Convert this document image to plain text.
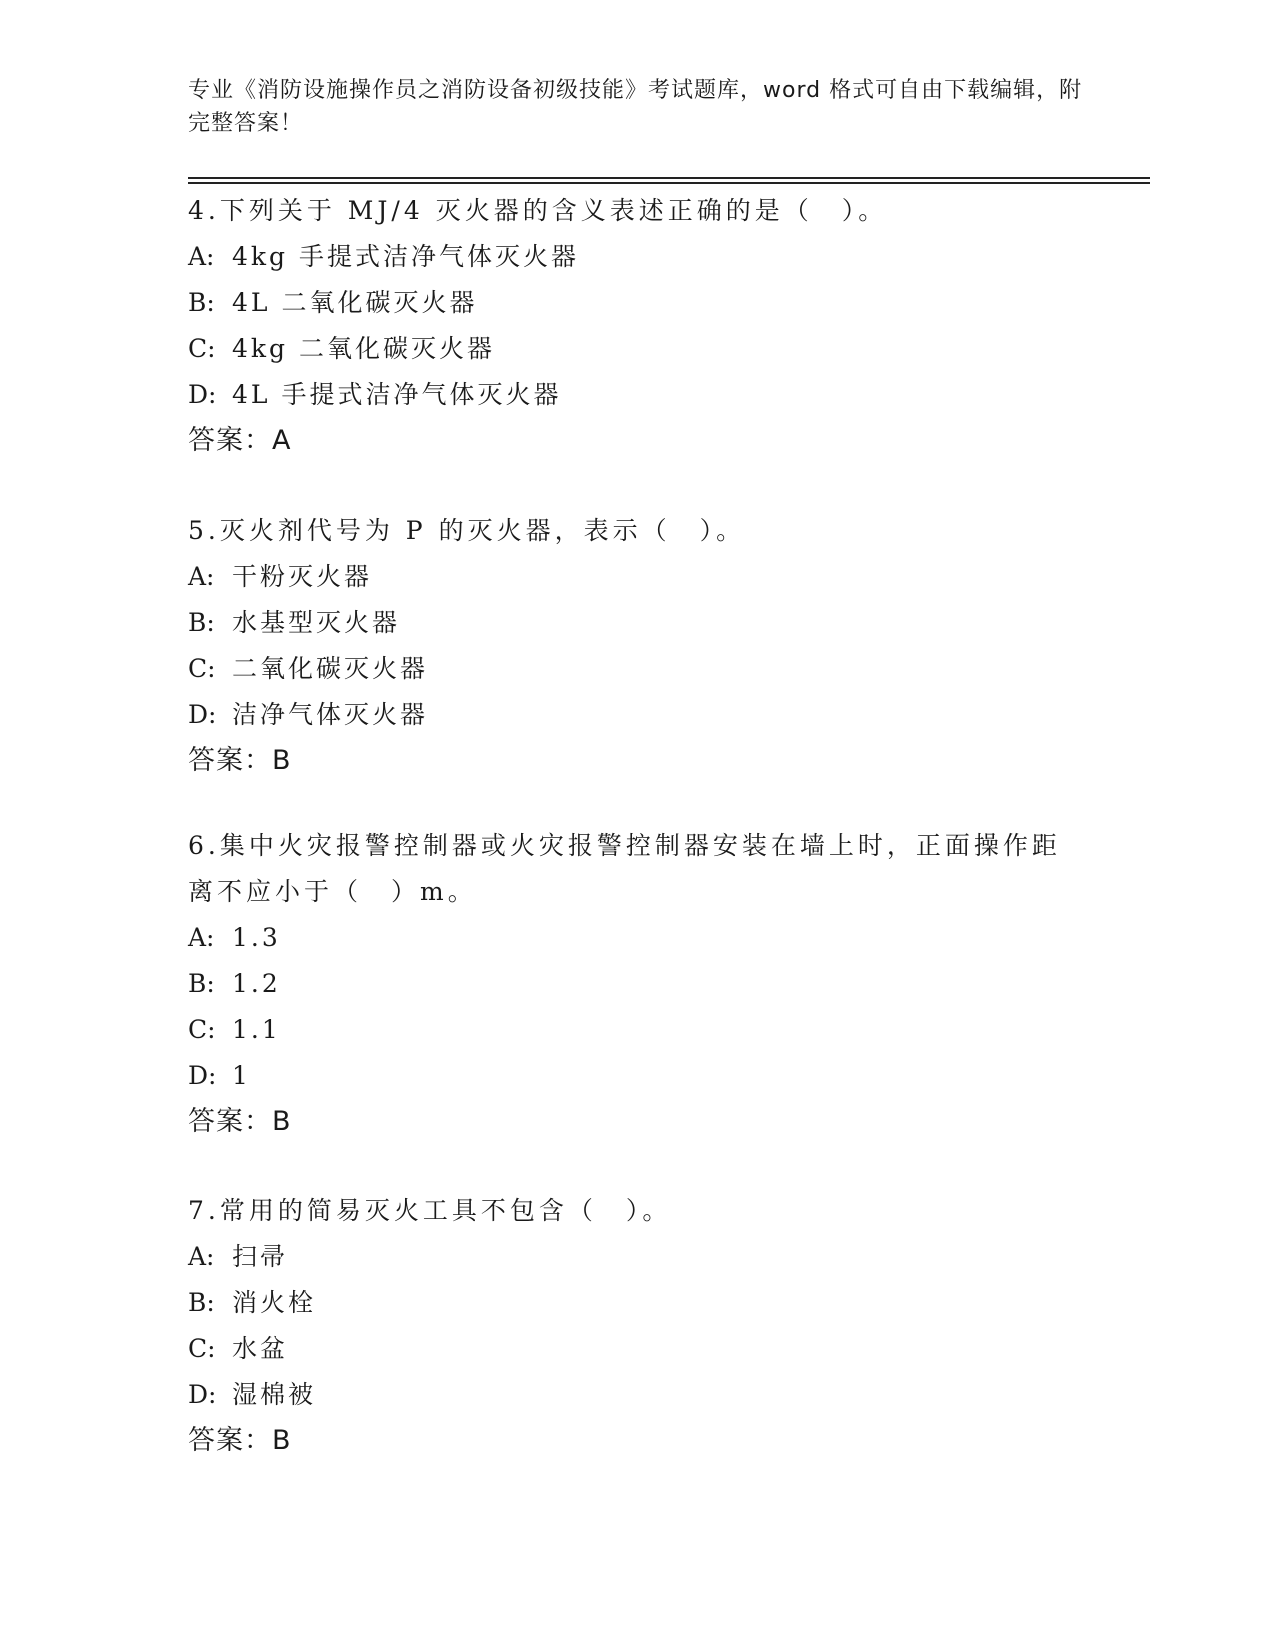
专业《消防设施操作员之消防设备初级技能》考试题库，word 格式可自由下载编辑，附完整答案！

4.下列关于 MJ/4 灭火器的含义表述正确的是（　）。

A: 4kg 手提式洁净气体灭火器

B: 4L 二氧化碳灭火器

C: 4kg 二氧化碳灭火器

D: 4L 手提式洁净气体灭火器

答案：A

5.灭火剂代号为 P 的灭火器，表示（　）。

A: 干粉灭火器

B: 水基型灭火器

C: 二氧化碳灭火器

D: 洁净气体灭火器

答案：B

6.集中火灾报警控制器或火灾报警控制器安装在墙上时，正面操作距离不应小于（　）m。

A: 1.3

B: 1.2

C: 1.1

D: 1

答案：B

7.常用的简易灭火工具不包含（　）。

A: 扫帚

B: 消火栓

C: 水盆

D: 湿棉被

答案：B
